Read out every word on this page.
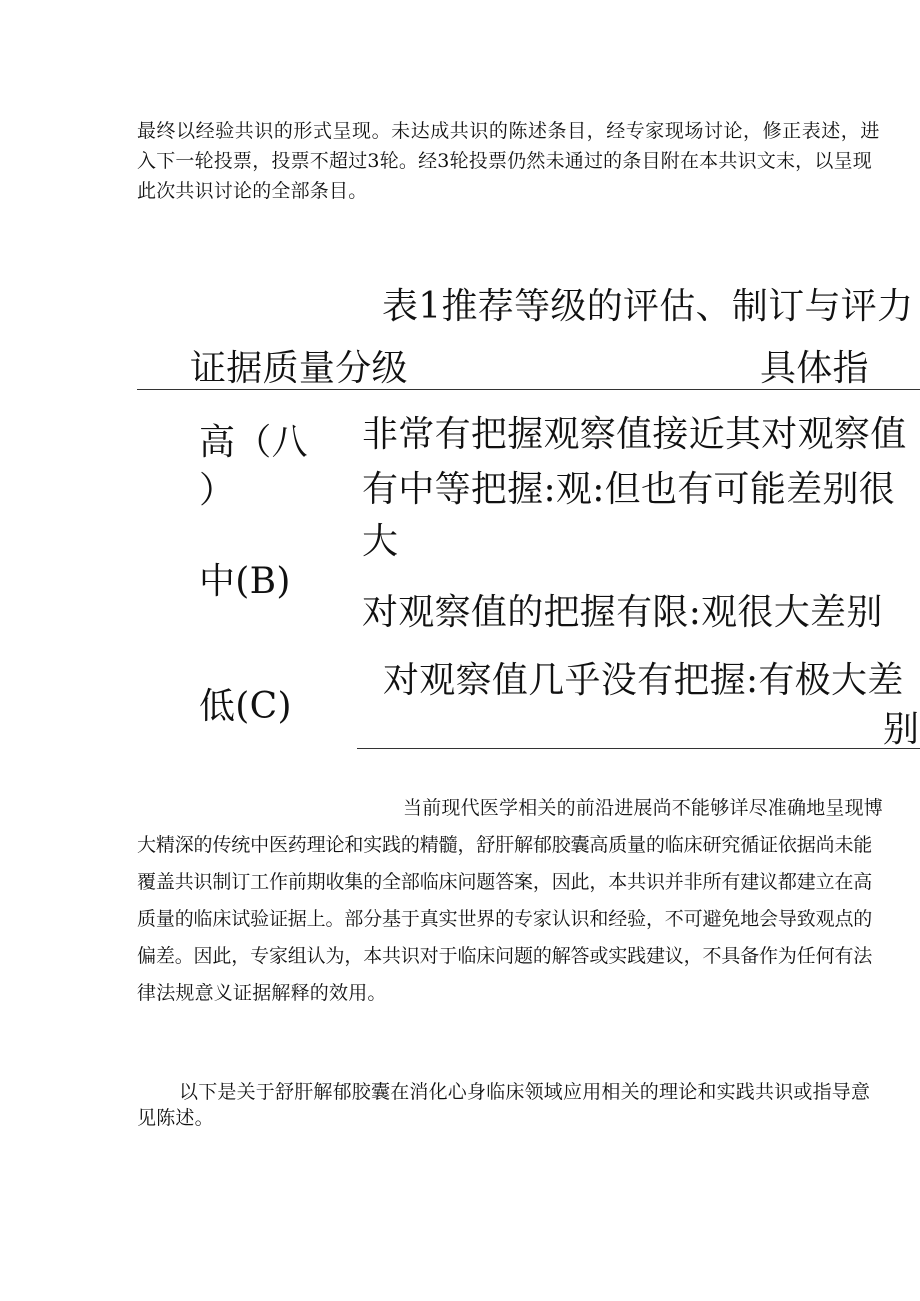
最终以经验共识的形式呈现。未达成共识的陈述条目，经专家现场讨论，修正表述，进
入下一轮投票，投票不超过3轮。经3轮投票仍然未通过的条目附在本共识文末，以呈现
此次共识讨论的全部条目。
表1推荐等级的评估、制订与评力
证据质量分级	具体指
高（八
）
非常有把握观察值接近其对观察值
有中等把握:观:但也有可能差别很
大
中(B)
对观察值的把握有限:观很大差别
低(C)
对观察值几乎没有把握:有极大差
别
当前现代医学相关的前沿进展尚不能够详尽准确地呈现博
大精深的传统中医药理论和实践的精髓，舒肝解郁胶囊高质量的临床研究循证依据尚未能
覆盖共识制订工作前期收集的全部临床问题答案，因此，本共识并非所有建议都建立在高
质量的临床试验证据上。部分基于真实世界的专家认识和经验，不可避免地会导致观点的
偏差。因此，专家组认为，本共识对于临床问题的解答或实践建议，不具备作为任何有法
律法规意义证据解释的效用。
以下是关于舒肝解郁胶囊在消化心身临床领域应用相关的理论和实践共识或指导意
见陈述。
